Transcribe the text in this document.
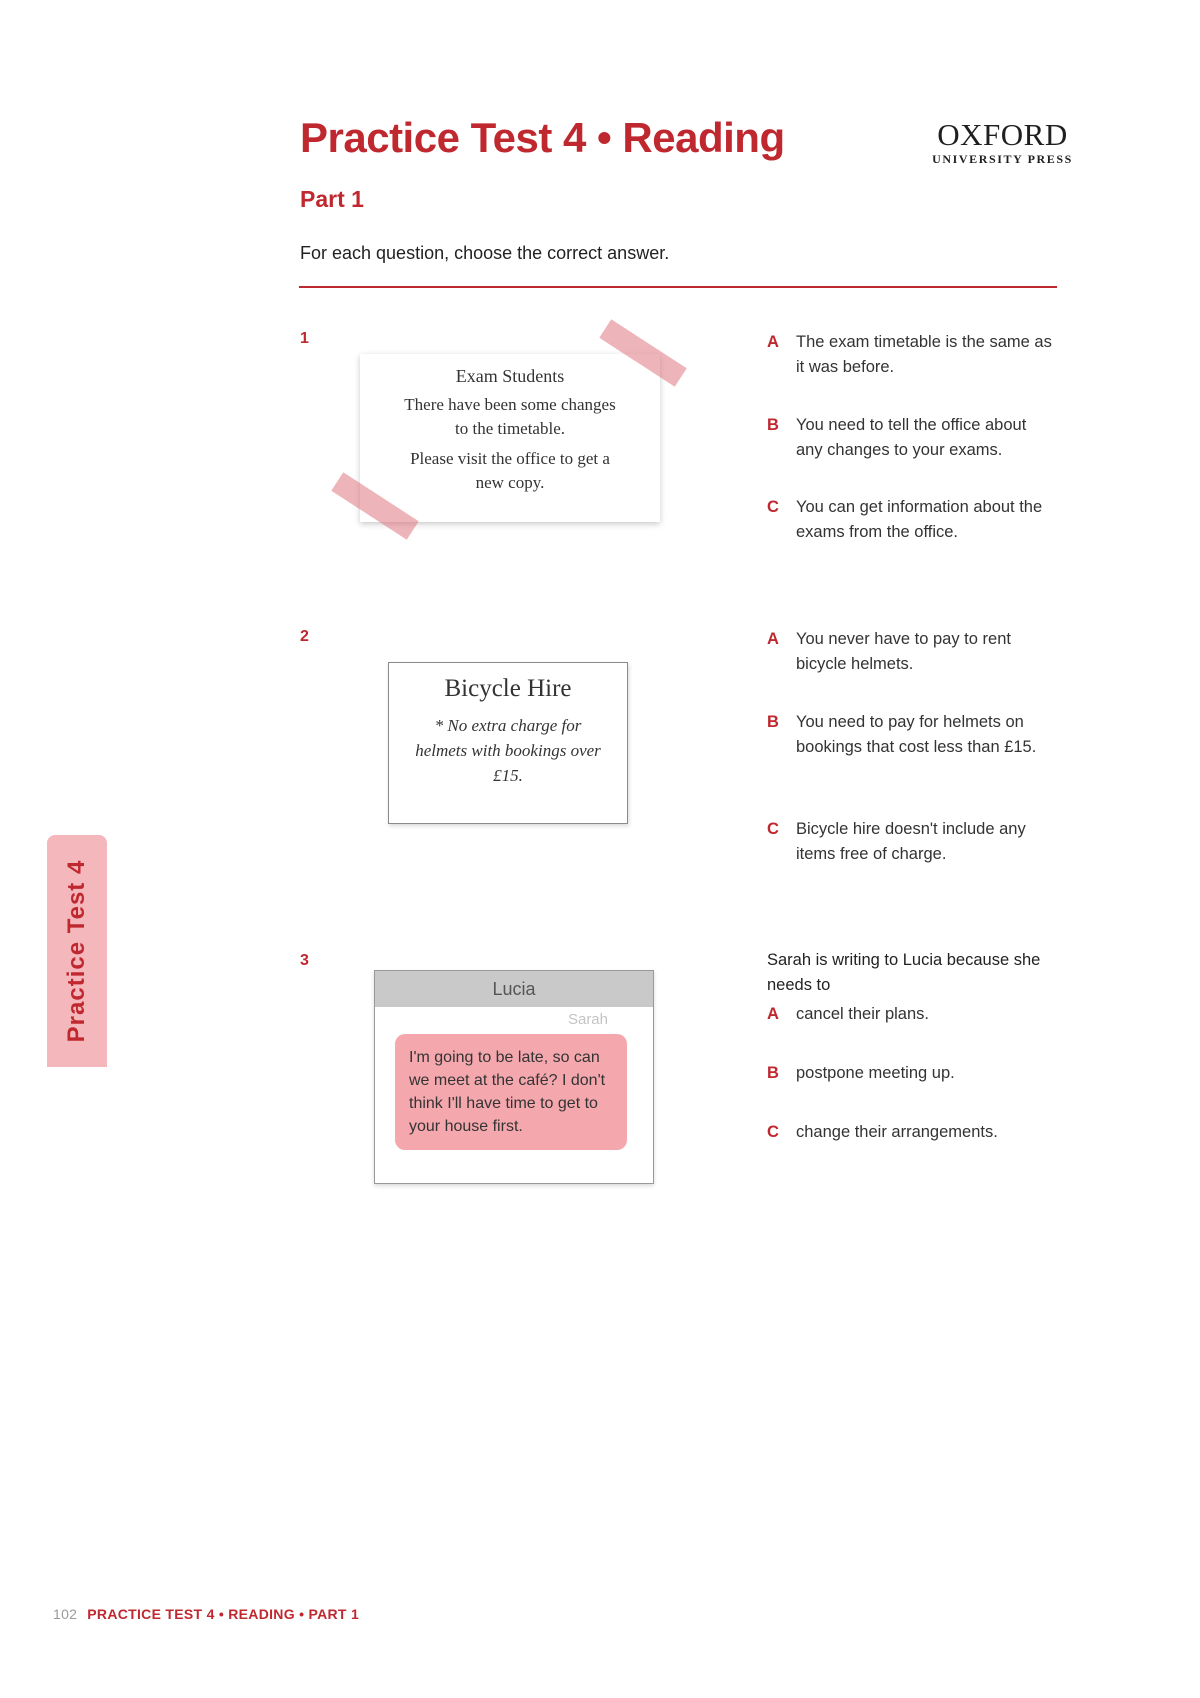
Practice Test 4 • Reading	OXFORD
UNIVERSITY PRESS
Part 1
For each question, choose the correct answer.
1
Exam Students
There have been some changes to the timetable.
Please visit the office to get a new copy.
A	The exam timetable is the same as it was before.
B	You need to tell the office about any changes to your exams.
C	You can get information about the exams from the office.
2
Bicycle Hire
* No extra charge for helmets with bookings over £15.
A	You never have to pay to rent bicycle helmets.
B	You need to pay for helmets on bookings that cost less than £15.
C	Bicycle hire doesn't include any items free of charge.
Practice Test 4	3
Lucia
Sarah
I'm going to be late, so can we meet at the café? I don't think I'll have time to get to your house first.
Sarah is writing to Lucia because she needs to
A	cancel their plans.
B	postpone meeting up.
C	change their arrangements.
102 PRACTICE TEST 4 • READING • PART 1
